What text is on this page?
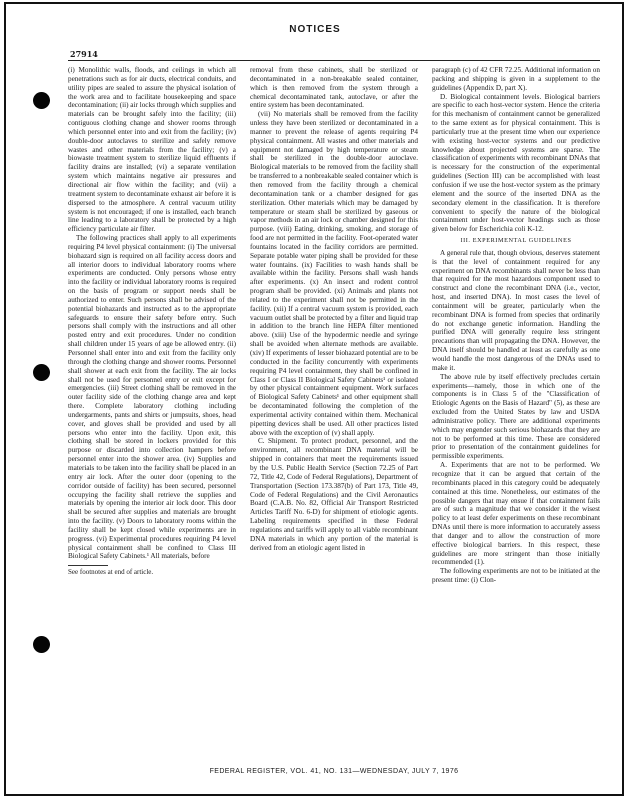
27914
NOTICES

(i) Monolithic walls, floods, and ceilings in which all penetrations such as for air ducts, electrical conduits, and utility pipes are sealed to assure the physical isolation of the work area and to facilitate housekeeping and space decontamination; (ii) air locks through which supplies and materials can be brought safely into the facility; (iii) contiguous clothing change and shower rooms through which personnel enter into and exit from the facility; (iv) double-door autoclaves to sterilize and safely remove wastes and other materials from the facility; (v) a biowaste treatment system to sterilize liquid effluents if facility drains are installed; (vi) a separate ventilation system which maintains negative air pressures and directional air flow within the facility; and (vii) a treatment system to decontaminate exhaust air before it is dispersed to the atmosphere. A central vacuum utility system is not encouraged; if one is installed, each branch line leading to a laboratory shall be protected by a high efficiency particulate air filter.

The following practices shall apply to all experiments requiring P4 level physical containment: (i) The universal biohazard sign is required on all facility access doors and all interior doors to individual laboratory rooms where experiments are conducted. Only persons whose entry into the facility or individual laboratory rooms is required on the basis of program or support needs shall be authorized to enter. Such persons shall be advised of the potential biohazards and instructed as to the appropriate safeguards to ensure their safety before entry. Such persons shall comply with the instructions and all other posted entry and exit procedures. Under no condition shall children under 15 years of age be allowed entry. (ii) Personnel shall enter into and exit from the facility only through the clothing change and shower rooms. Personnel shall shower at each exit from the facility. The air locks shall not be used for personnel entry or exit except for emergencies. (iii) Street clothing shall be removed in the outer facility side of the clothing change area and kept there. Complete laboratory clothing including undergarments, pants and shirts or jumpsuits, shoes, head cover, and gloves shall be provided and used by all persons who enter into the facility. Upon exit, this clothing shall be stored in lockers provided for this purpose or discarded into collection hampers before personnel enter into the shower area. (iv) Supplies and materials to be taken into the facility shall be placed in an entry air lock. After the outer door (opening to the corridor outside of facility) has been secured, personnel occupying the facility shall retrieve the supplies and materials by opening the interior air lock door. This door shall be secured after supplies and materials are brought into the facility. (v) Doors to laboratory rooms within the facility shall be kept closed while experiments are in progress. (vi) Experimental procedures requiring P4 level physical containment shall be confined to Class III Biological Safety Cabinets.¹ All materials, before

See footnotes at end of article.

removal from these cabinets, shall be sterilized or decontaminated in a non-breakable sealed container, which is then removed from the system through a chemical decontaminated tank, autoclave, or after the entire system has been decontaminated.

(vii) No materials shall be removed from the facility unless they have been sterilized or decontaminated in a manner to prevent the release of agents requiring P4 physical containment. All wastes and other materials and equipment not damaged by high temperature or steam shall be sterilized in the double-door autoclave. Biological materials to be removed from the facility shall be transferred to a nonbreakable sealed container which is then removed from the facility through a chemical decontamination tank or a chamber designed for gas sterilization. Other materials which may be damaged by temperature or steam shall be sterilized by gaseous or vapor methods in an air lock or chamber designed for this purpose. (viii) Eating, drinking, smoking, and storage of food are not permitted in the facility. Foot-operated water fountains located in the facility corridors are permitted. Separate potable water piping shall be provided for these water fountains. (ix) Facilities to wash hands shall be available within the facility. Persons shall wash hands after experiments. (x) An insect and rodent control program shall be provided. (xi) Animals and plants not related to the experiment shall not be permitted in the facility. (xii) If a central vacuum system is provided, each vacuum outlet shall be protected by a filter and liquid trap in addition to the branch line HEPA filter mentioned above. (xiii) Use of the hypodermic needle and syringe shall be avoided when alternate methods are available. (xiv) If experiments of lesser biohazard potential are to be conducted in the facility concurrently with experiments requiring P4 level containment, they shall be confined in Class I or Class II Biological Safety Cabinets¹ or isolated by other physical containment equipment. Work surfaces of Biological Safety Cabinets¹ and other equipment shall be decontaminated following the completion of the experimental activity contained within them. Mechanical pipetting devices shall be used. All other practices listed above with the exception of (v) shall apply.

C. Shipment. To protect product, personnel, and the environment, all recombinant DNA material will be shipped in containers that meet the requirements issued by the U.S. Public Health Service (Section 72.25 of Part 72, Title 42, Code of Federal Regulations), Department of Transportation (Section 173.387(b) of Part 173, Title 49, Code of Federal Regulations) and the Civil Aeronautics Board (C.A.B. No. 82, Official Air Transport Restricted Articles Tariff No. 6-D) for shipment of etiologic agents. Labeling requirements specified in these Federal regulations and tariffs will apply to all viable recombinant DNA materials in which any portion of the material is derived from an etiologic agent listed in

paragraph (c) of 42 CFR 72.25. Additional information on packing and shipping is given in a supplement to the guidelines (Appendix D, part X).

D. Biological containment levels. Biological barriers are specific to each host-vector system. Hence the criteria for this mechanism of containment cannot be generalized to the same extent as for physical containment. This is particularly true at the present time when our experience with existing host-vector systems and our predictive knowledge about projected systems are sparse. The classification of experiments with recombinant DNAs that is necessary for the construction of the experimental guidelines (Section III) can be accomplished with least confusion if we use the host-vector system as the primary element and the source of the inserted DNA as the secondary element in the classification. It is therefore convenient to specify the nature of the biological containment under host-vector headings such as those given below for Escherichia coli K-12.

III. EXPERIMENTAL GUIDELINES

A general rule that, though obvious, deserves statement is that the level of containment required for any experiment on DNA recombinants shall never be less than that required for the most hazardous component used to construct and clone the recombinant DNA (i.e., vector, host, and inserted DNA). In most cases the level of containment will be greater, particularly when the recombinant DNA is formed from species that ordinarily do not exchange genetic information. Handling the purified DNA will generally require less stringent precautions than will propagating the DNA. However, the DNA itself should be handled at least as carefully as one would handle the most dangerous of the DNAs used to make it.

The above rule by itself effectively precludes certain experiments—namely, those in which one of the components is in Class 5 of the "Classification of Etiologic Agents on the Basis of Hazard" (5), as these are excluded from the United States by law and USDA administrative policy. There are additional experiments which may engender such serious biohazards that they are not to be performed at this time. These are considered prior to presentation of the containment guidelines for permissible experiments.

A. Experiments that are not to be performed. We recognize that it can be argued that certain of the recombinants placed in this category could be adequately contained at this time. Nonetheless, our estimates of the possible dangers that may ensue if that containment fails are of such a magnitude that we consider it the wisest policy to at least defer experiments on these recombinant DNAs until there is more information to accurately assess that danger and to allow the construction of more effective biological barriers. In this respect, these guidelines are more stringent than those initially recommended (1).

The following experiments are not to be initiated at the present time: (i) Clon-

FEDERAL REGISTER, VOL. 41, NO. 131—WEDNESDAY, JULY 7, 1976
